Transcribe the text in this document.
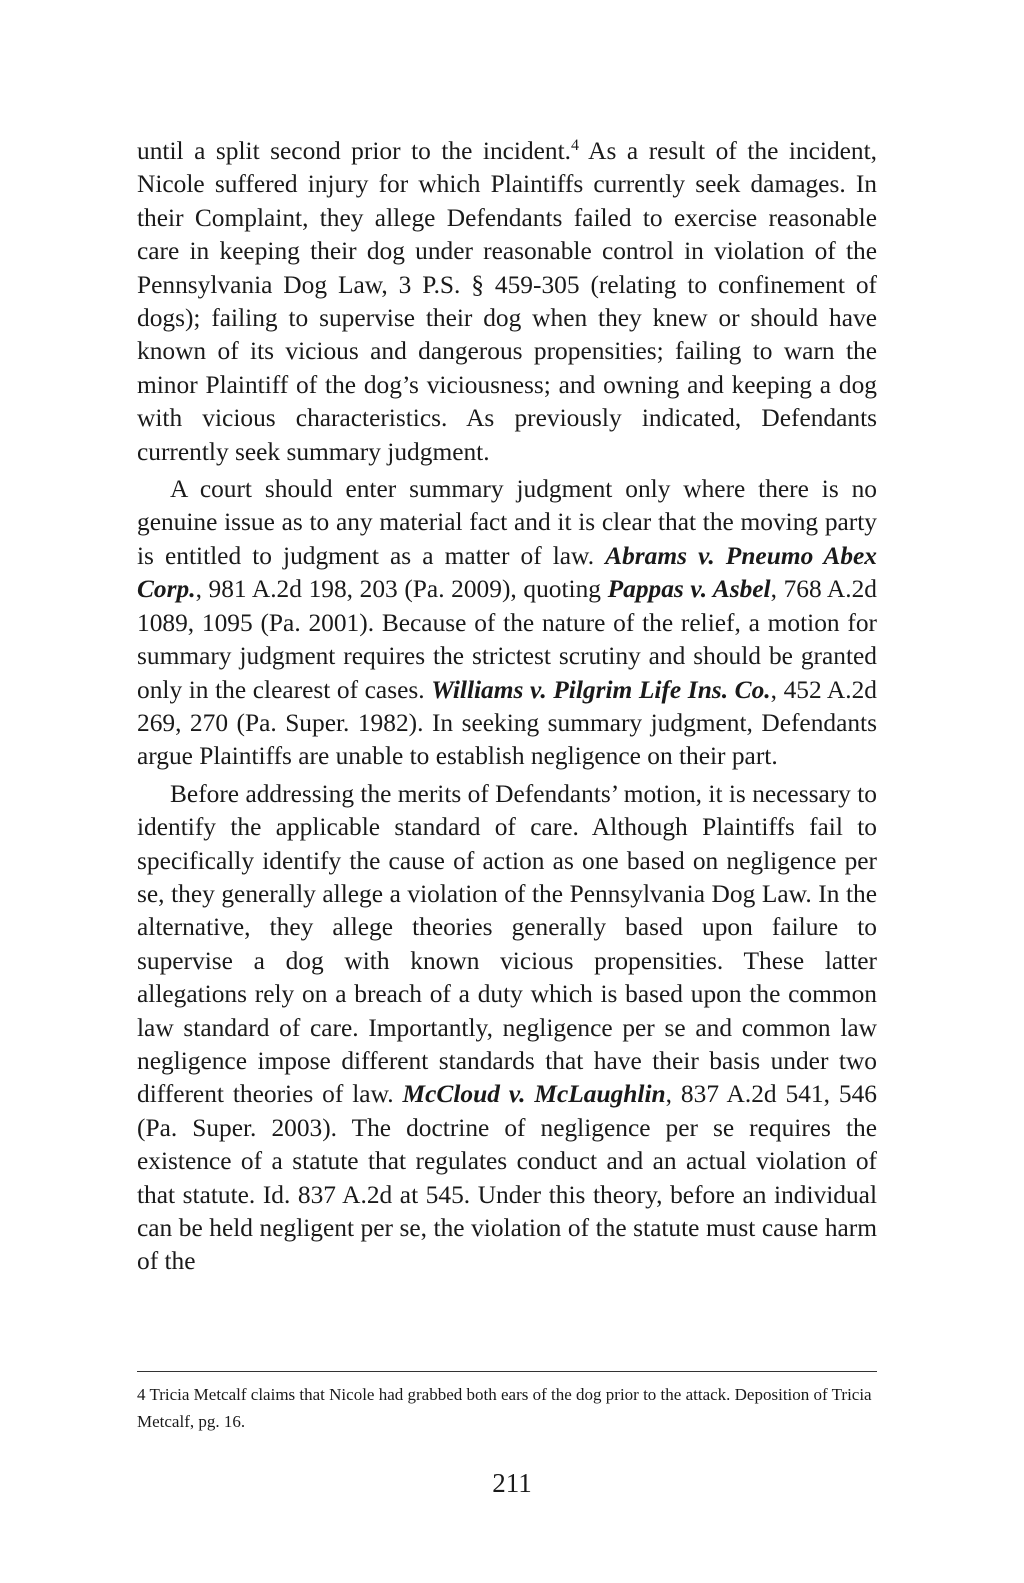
until a split second prior to the incident.$^4$ As a result of the incident, Nicole suffered injury for which Plaintiffs currently seek damages. In their Complaint, they allege Defendants failed to exercise reasonable care in keeping their dog under reasonable control in violation of the Pennsylvania Dog Law, 3 P.S. § 459-305 (relating to confinement of dogs); failing to supervise their dog when they knew or should have known of its vicious and dangerous propensities; failing to warn the minor Plaintiff of the dog’s viciousness; and owning and keeping a dog with vicious characteristics. As previously indicated, Defendants currently seek summary judgment.

A court should enter summary judgment only where there is no genuine issue as to any material fact and it is clear that the moving party is entitled to judgment as a matter of law. Abrams v. Pneumo Abex Corp., 981 A.2d 198, 203 (Pa. 2009), quoting Pappas v. Asbel, 768 A.2d 1089, 1095 (Pa. 2001). Because of the nature of the relief, a motion for summary judgment requires the strictest scrutiny and should be granted only in the clearest of cases. Williams v. Pilgrim Life Ins. Co., 452 A.2d 269, 270 (Pa. Super. 1982). In seeking summary judgment, Defendants argue Plaintiffs are unable to establish negligence on their part.

Before addressing the merits of Defendants’ motion, it is necessary to identify the applicable standard of care. Although Plaintiffs fail to specifically identify the cause of action as one based on negligence per se, they generally allege a violation of the Pennsylvania Dog Law. In the alternative, they allege theories generally based upon failure to supervise a dog with known vicious propensities. These latter allegations rely on a breach of a duty which is based upon the common law standard of care. Importantly, negligence per se and common law negligence impose different standards that have their basis under two different theories of law. McCloud v. McLaughlin, 837 A.2d 541, 546 (Pa. Super. 2003). The doctrine of negligence per se requires the existence of a statute that regulates conduct and an actual violation of that statute. Id. 837 A.2d at 545. Under this theory, before an individual can be held negligent per se, the violation of the statute must cause harm of the

4 Tricia Metcalf claims that Nicole had grabbed both ears of the dog prior to the attack. Deposition of Tricia Metcalf, pg. 16.
211
